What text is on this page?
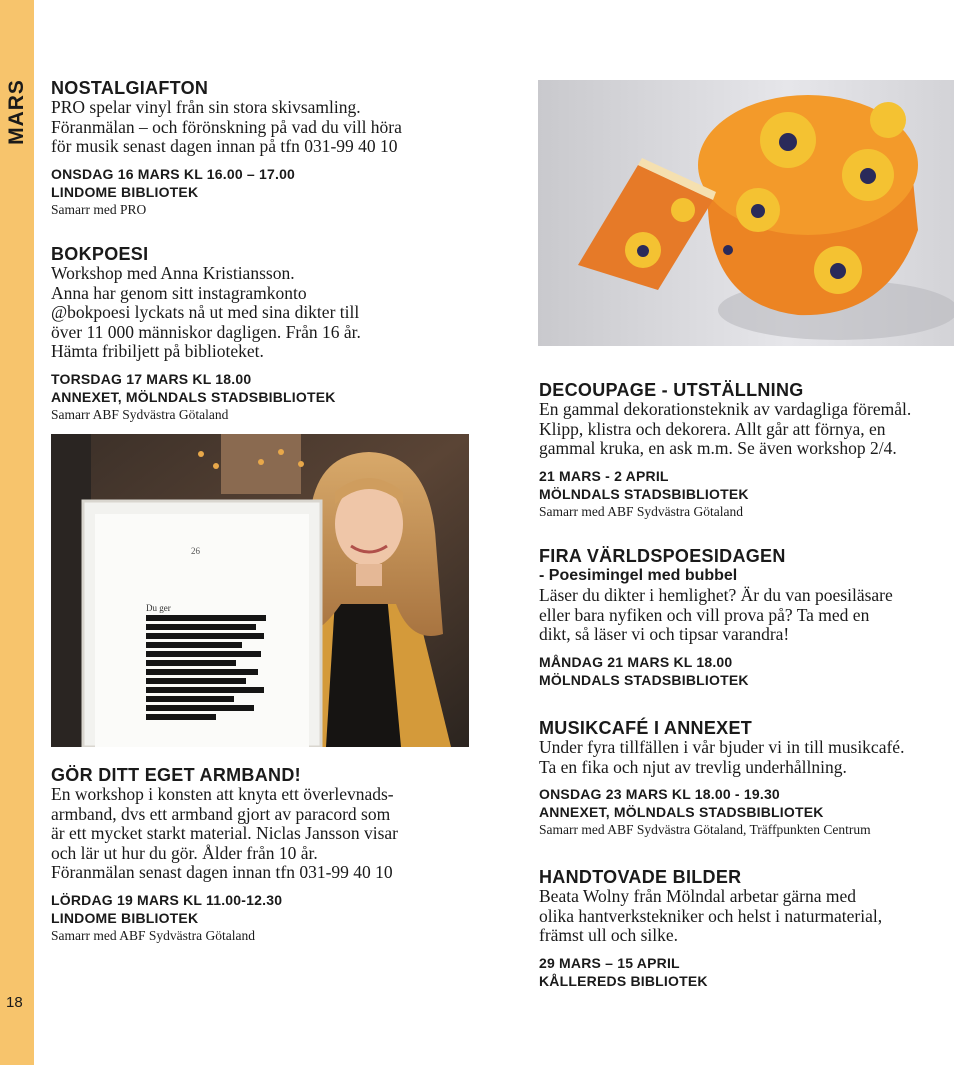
MARS
18

NOSTALGIAFTON

PRO spelar vinyl från sin stora skivsamling.

Föranmälan – och förönskning på vad du vill höra

för musik senast dagen innan på tfn 031-99 40 10

ONSDAG 16 MARS KL 16.00 – 17.00

LINDOME BIBLIOTEK

Samarr med PRO

BOKPOESI

Workshop med Anna Kristiansson.

Anna har genom sitt instagramkonto

@bokpoesi lyckats nå ut med sina dikter till

över 11 000 människor dagligen. Från 16 år.

Hämta fribiljett på biblioteket.

TORSDAG 17 MARS KL 18.00

ANNEXET, MÖLNDALS STADSBIBLIOTEK

Samarr ABF Sydvästra Götaland

26
Du ger

GÖR DITT EGET ARMBAND!

En workshop i konsten att knyta ett överlevnads-

armband, dvs ett armband gjort av paracord som

är ett mycket starkt material. Niclas Jansson visar

och lär ut hur du gör. Ålder från 10 år.

Föranmälan senast dagen innan tfn 031-99 40 10

LÖRDAG 19 MARS KL 11.00-12.30

LINDOME BIBLIOTEK

Samarr med ABF Sydvästra Götaland

DECOUPAGE - UTSTÄLLNING

En gammal dekorationsteknik av vardagliga föremål.

Klipp, klistra och dekorera. Allt går att förnya, en

gammal kruka, en ask m.m. Se även workshop 2/4.

21 MARS - 2 APRIL

MÖLNDALS STADSBIBLIOTEK

Samarr med ABF Sydvästra Götaland

FIRA VÄRLDSPOESIDAGEN

- Poesimingel med bubbel

Läser du dikter i hemlighet? Är du van poesiläsare

eller bara nyfiken och vill prova på? Ta med en

dikt, så läser vi och tipsar varandra!

MÅNDAG 21 MARS KL 18.00

MÖLNDALS STADSBIBLIOTEK

MUSIKCAFÉ I ANNEXET

Under fyra tillfällen i vår bjuder vi in till musikcafé.

Ta en fika och njut av trevlig underhållning.

ONSDAG 23 MARS KL 18.00 - 19.30

ANNEXET, MÖLNDALS STADSBIBLIOTEK

Samarr med ABF Sydvästra Götaland, Träffpunkten Centrum

HANDTOVADE BILDER

Beata Wolny från Mölndal arbetar gärna med

olika hantverkstekniker och helst i naturmaterial,

främst ull och silke.

29 MARS – 15 APRIL

KÅLLEREDS BIBLIOTEK
